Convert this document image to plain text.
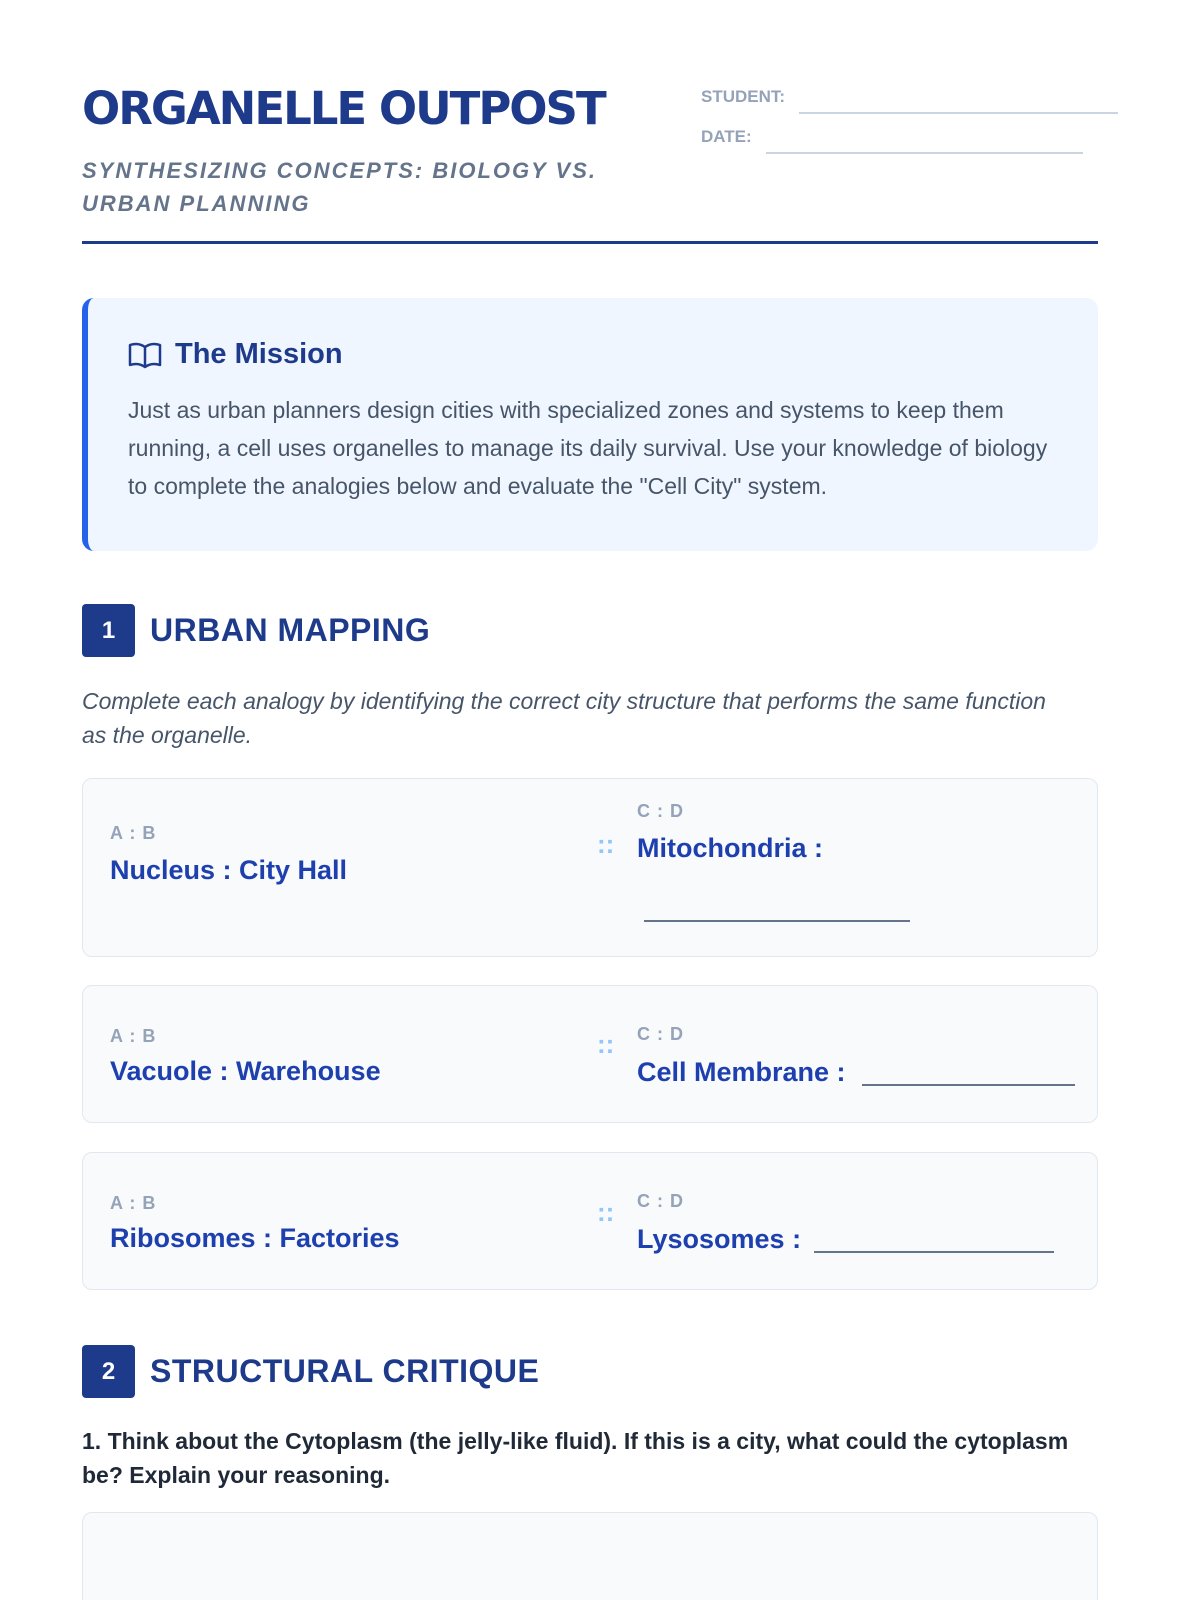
ORGANELLE OUTPOST
SYNTHESIZING CONCEPTS: BIOLOGY VS. URBAN PLANNING
STUDENT:
DATE:
The Mission

Just as urban planners design cities with specialized zones and systems to keep them running, a cell uses organelles to manage its daily survival. Use your knowledge of biology to complete the analogies below and evaluate the "Cell City" system.

1	URBAN MAPPING

Complete each analogy by identifying the correct city structure that performs the same function as the organelle.

A : B
Nucleus : City Hall
::
C : D
Mitochondria :
A : B
Vacuole : Warehouse
:: C : D
Cell Membrane :
A : B
Ribosomes : Factories
:: C : D
Lysosomes :
2	STRUCTURAL CRITIQUE

1. Think about the Cytoplasm (the jelly-like fluid). If this is a city, what could the cytoplasm be? Explain your reasoning.
